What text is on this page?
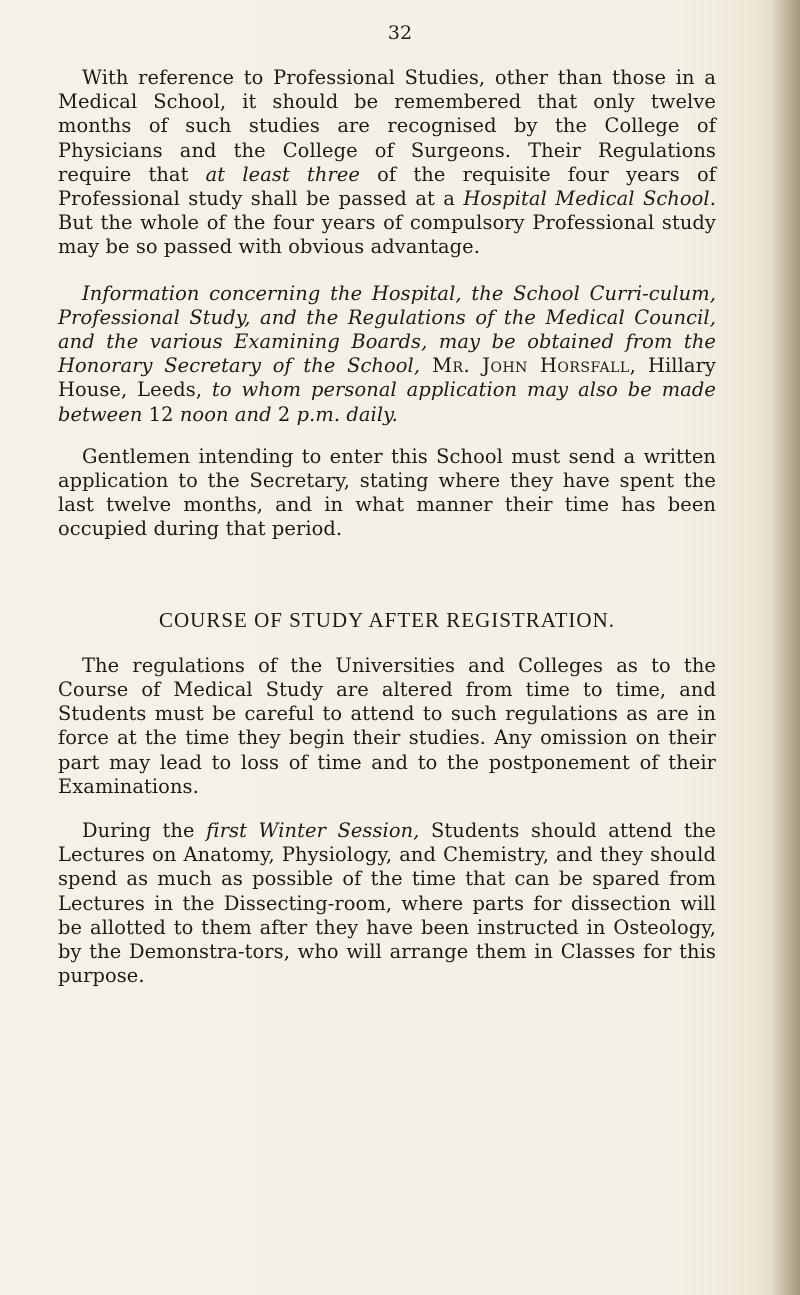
32

With reference to Professional Studies, other than those in a Medical School, it should be remembered that only twelve months of such studies are recognised by the College of Physicians and the College of Surgeons. Their Regulations require that at least three of the requisite four years of Professional study shall be passed at a Hospital Medical School. But the whole of the four years of compulsory Professional study may be so passed with obvious advantage.

Information concerning the Hospital, the School Curri-culum, Professional Study, and the Regulations of the Medical Council, and the various Examining Boards, may be obtained from the Honorary Secretary of the School, Mr. John Horsfall, Hillary House, Leeds, to whom personal application may also be made between 12 noon and 2 p.m. daily.

Gentlemen intending to enter this School must send a written application to the Secretary, stating where they have spent the last twelve months, and in what manner their time has been occupied during that period.

COURSE OF STUDY AFTER REGISTRATION.

The regulations of the Universities and Colleges as to the Course of Medical Study are altered from time to time, and Students must be careful to attend to such regulations as are in force at the time they begin their studies. Any omission on their part may lead to loss of time and to the postponement of their Examinations.

During the first Winter Session, Students should attend the Lectures on Anatomy, Physiology, and Chemistry, and they should spend as much as possible of the time that can be spared from Lectures in the Dissecting-room, where parts for dissection will be allotted to them after they have been instructed in Osteology, by the Demonstra-tors, who will arrange them in Classes for this purpose.
